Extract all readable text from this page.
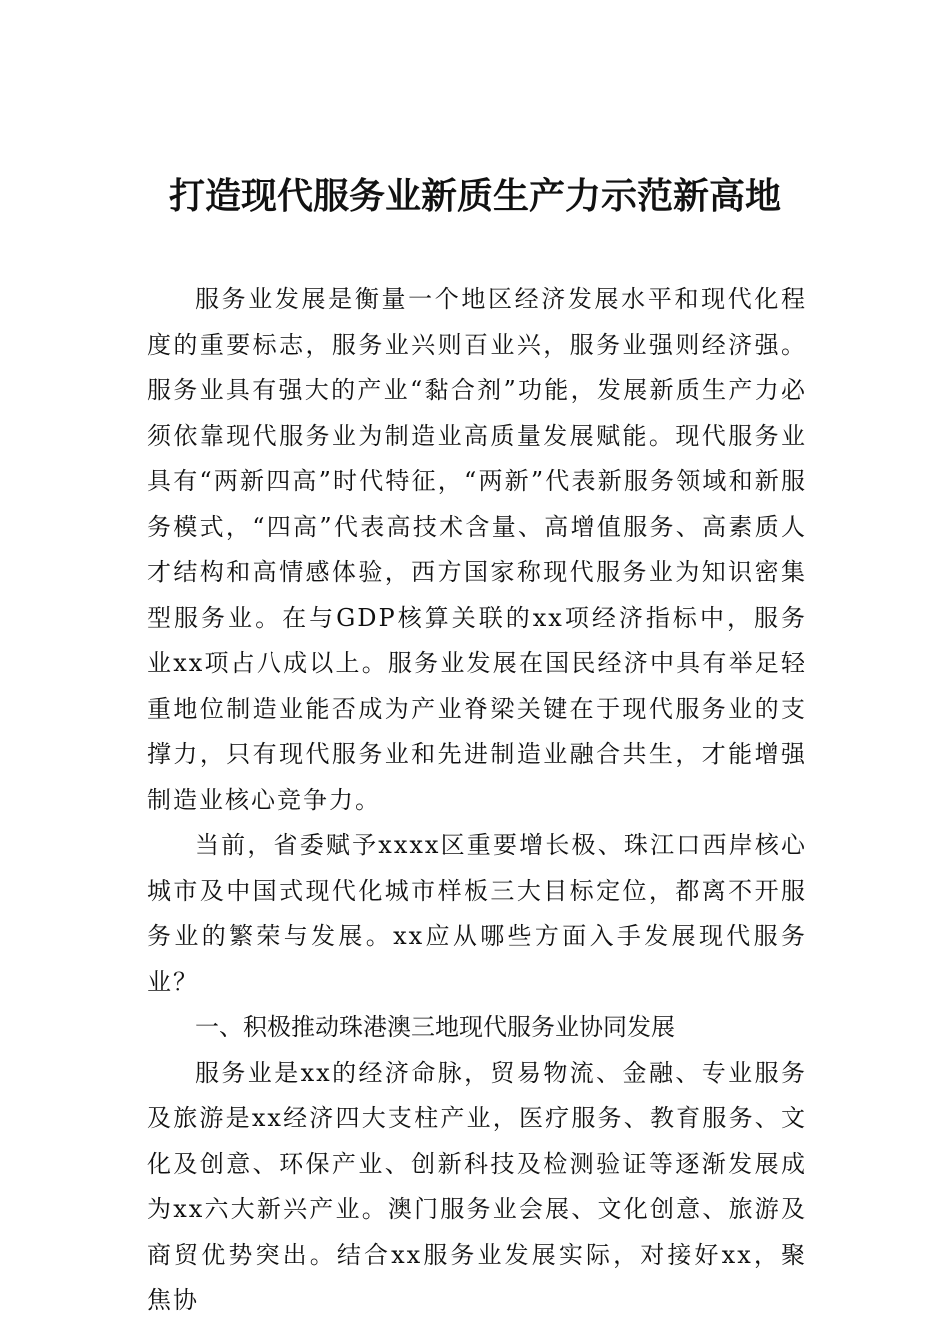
打造现代服务业新质生产力示范新高地

服务业发展是衡量一个地区经济发展水平和现代化程度的重要标志，服务业兴则百业兴，服务业强则经济强。服务业具有强大的产业“黏合剂”功能，发展新质生产力必须依靠现代服务业为制造业高质量发展赋能。现代服务业具有“两新四高”时代特征，“两新”代表新服务领域和新服务模式，“四高”代表高技术含量、高增值服务、高素质人才结构和高情感体验，西方国家称现代服务业为知识密集型服务业。在与GDP核算关联的xx项经济指标中，服务业xx项占八成以上。服务业发展在国民经济中具有举足轻重地位制造业能否成为产业脊梁关键在于现代服务业的支撑力，只有现代服务业和先进制造业融合共生，才能增强制造业核心竞争力。

当前，省委赋予xxxx区重要增长极、珠江口西岸核心城市及中国式现代化城市样板三大目标定位，都离不开服务业的繁荣与发展。xx应从哪些方面入手发展现代服务业？

一、积极推动珠港澳三地现代服务业协同发展

服务业是xx的经济命脉，贸易物流、金融、专业服务及旅游是xx经济四大支柱产业，医疗服务、教育服务、文化及创意、环保产业、创新科技及检测验证等逐渐发展成为xx六大新兴产业。澳门服务业会展、文化创意、旅游及商贸优势突出。结合xx服务业发展实际，对接好xx，聚焦协
